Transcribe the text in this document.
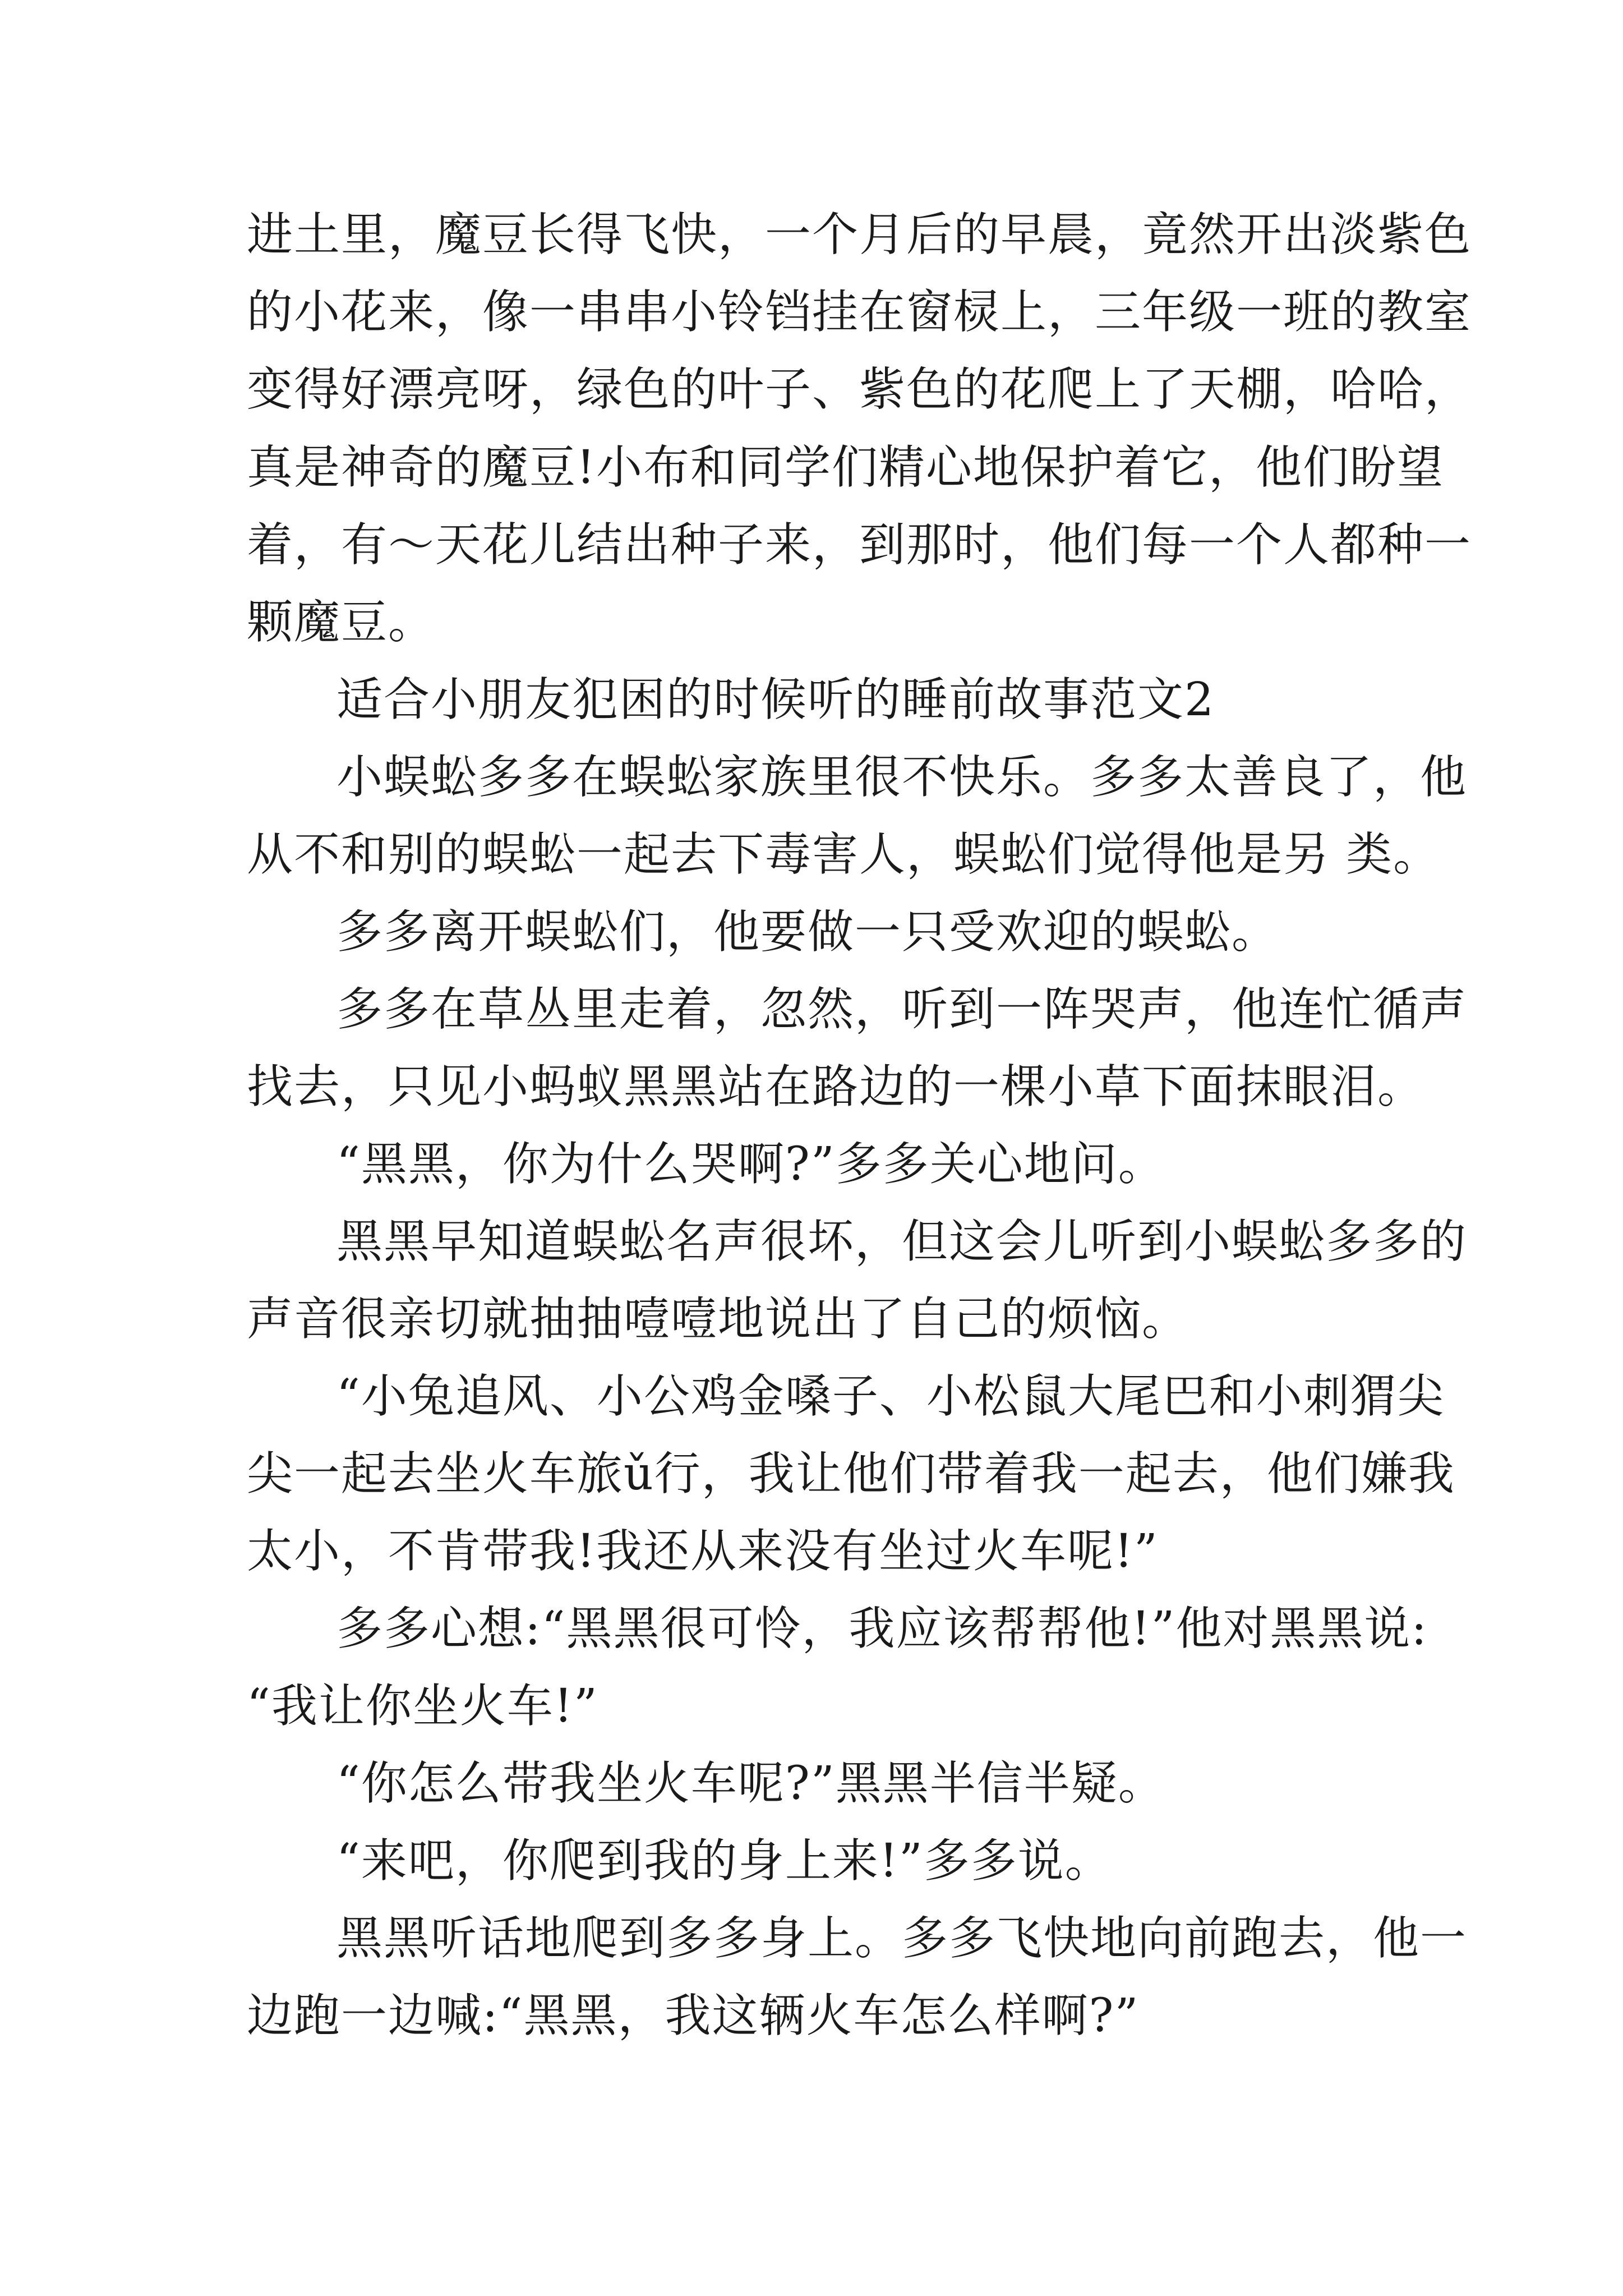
进土里，魔豆长得飞快，一个月后的早晨，竟然开出淡紫色
的小花来，像一串串小铃铛挂在窗棂上，三年级一班的教室
变得好漂亮呀，绿色的叶子、紫色的花爬上了天棚，哈哈，
真是神奇的魔豆!小布和同学们精心地保护着它，他们盼望
着，有～天花儿结出种子来，到那时，他们每一个人都种一
颗魔豆。
适合小朋友犯困的时候听的睡前故事范文2
小蜈蚣多多在蜈蚣家族里很不快乐。多多太善良了，他
从不和别的蜈蚣一起去下毒害人，蜈蚣们觉得他是另 类。
多多离开蜈蚣们，他要做一只受欢迎的蜈蚣。
多多在草丛里走着，忽然，听到一阵哭声，他连忙循声
找去，只见小蚂蚁黑黑站在路边的一棵小草下面抹眼泪。
“黑黑，你为什么哭啊?”多多关心地问。
黑黑早知道蜈蚣名声很坏，但这会儿听到小蜈蚣多多的
声音很亲切就抽抽噎噎地说出了自己的烦恼。
“小兔追风、小公鸡金嗓子、小松鼠大尾巴和小刺猬尖
尖一起去坐火车旅ǔ行，我让他们带着我一起去，他们嫌我
太小，不肯带我!我还从来没有坐过火车呢!”
多多心想:“黑黑很可怜，我应该帮帮他!”他对黑黑说:
“我让你坐火车!”
“你怎么带我坐火车呢?”黑黑半信半疑。
“来吧，你爬到我的身上来!”多多说。
黑黑听话地爬到多多身上。多多飞快地向前跑去，他一
边跑一边喊:“黑黑，我这辆火车怎么样啊?”
